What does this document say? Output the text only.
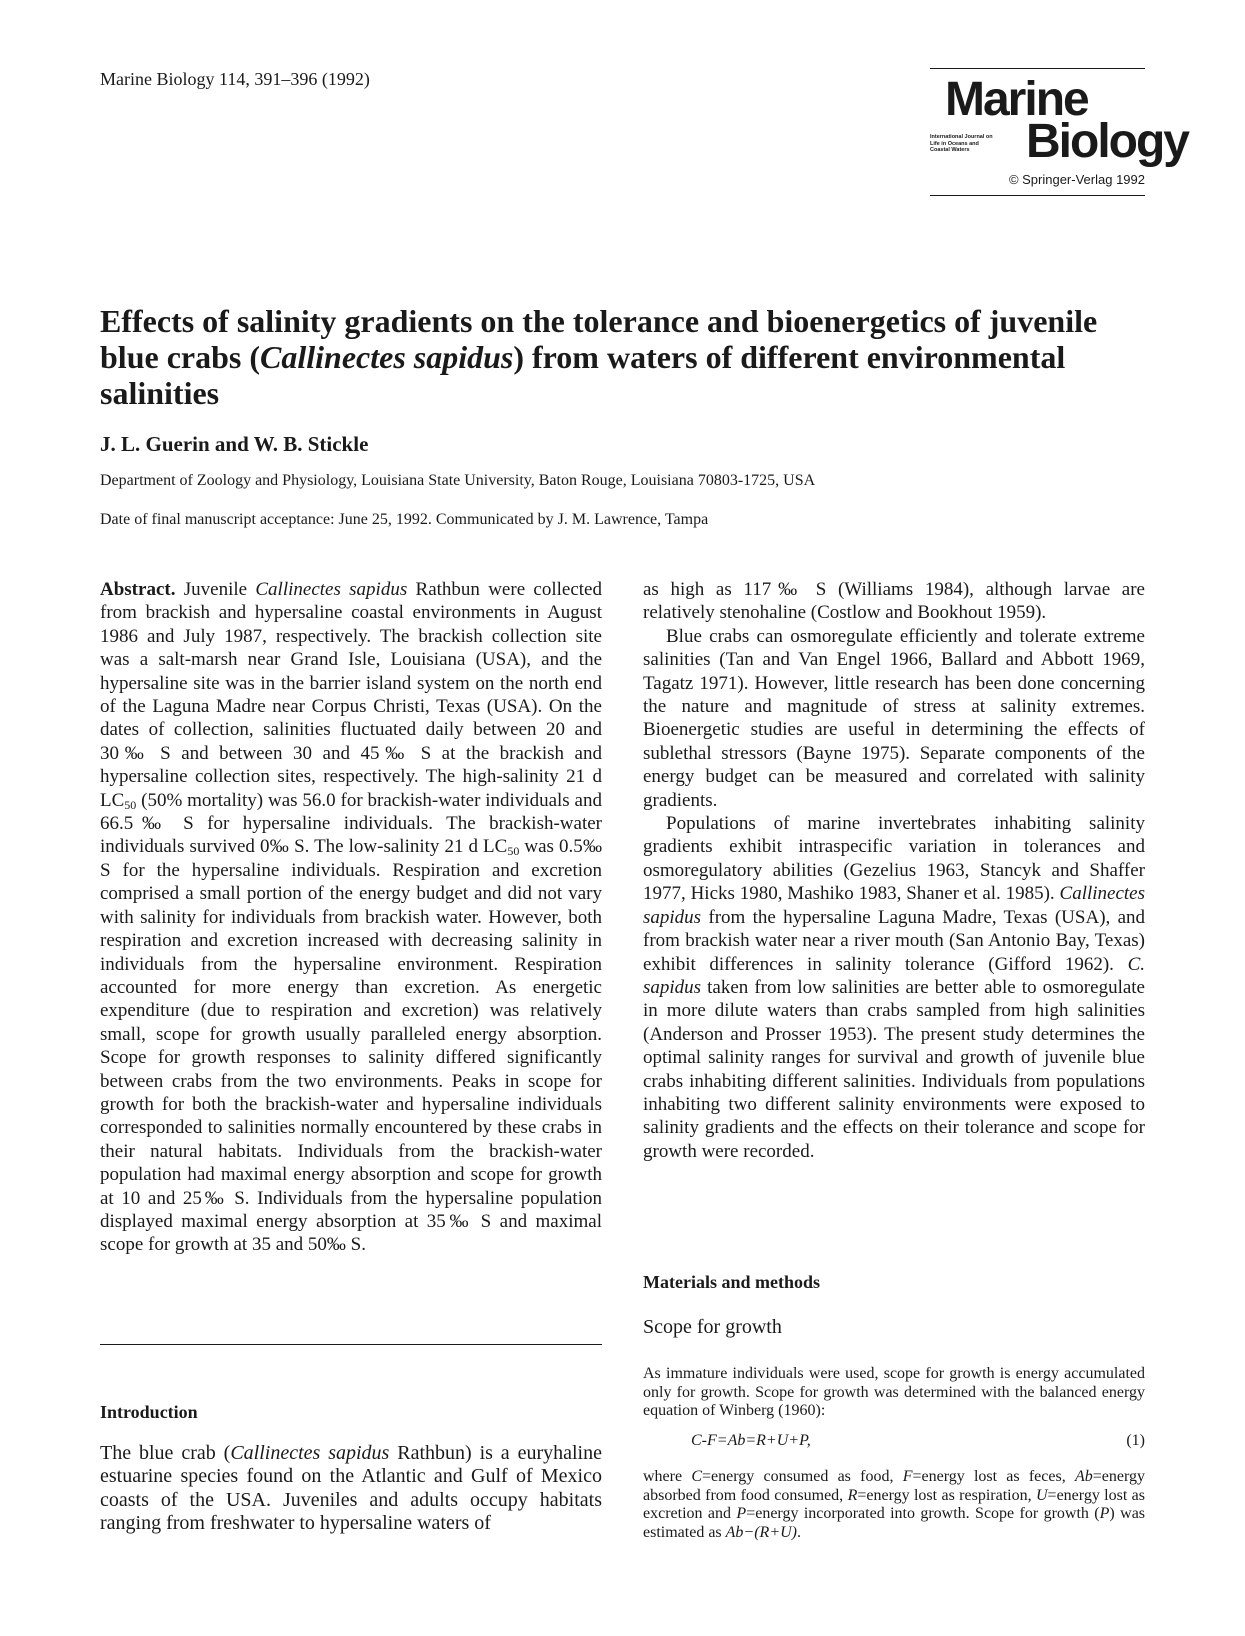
Marine Biology 114, 391–396 (1992)	Marine
International Journal on Life in Oceans and Coastal Waters	Biology
© Springer-Verlag 1992
Effects of salinity gradients on the tolerance and bioenergetics of juvenile blue crabs (Callinectes sapidus) from waters of different environmental salinities
J. L. Guerin and W. B. Stickle
Department of Zoology and Physiology, Louisiana State University, Baton Rouge, Louisiana 70803-1725, USA
Date of final manuscript acceptance: June 25, 1992. Communicated by J. M. Lawrence, Tampa

Abstract. Juvenile Callinectes sapidus Rathbun were collected from brackish and hypersaline coastal environments in August 1986 and July 1987, respectively. The brackish collection site was a salt-marsh near Grand Isle, Louisiana (USA), and the hypersaline site was in the barrier island system on the north end of the Laguna Madre near Corpus Christi, Texas (USA). On the dates of collection, salinities fluctuated daily between 20 and 30‰ S and between 30 and 45‰ S at the brackish and hypersaline collection sites, respectively. The high-salinity 21 d $LC_{50}$ (50% mortality) was 56.0 for brackish-water individuals and 66.5‰ S for hypersaline individuals. The brackish-water individuals survived 0‰ S. The low-salinity 21 d $LC_{50}$ was 0.5‰ S for the hypersaline individuals. Respiration and excretion comprised a small portion of the energy budget and did not vary with salinity for individuals from brackish water. However, both respiration and excretion increased with decreasing salinity in individuals from the hypersaline environment. Respiration accounted for more energy than excretion. As energetic expenditure (due to respiration and excretion) was relatively small, scope for growth usually paralleled energy absorption. Scope for growth responses to salinity differed significantly between crabs from the two environments. Peaks in scope for growth for both the brackish-water and hypersaline individuals corresponded to salinities normally encountered by these crabs in their natural habitats. Individuals from the brackish-water population had maximal energy absorption and scope for growth at 10 and 25‰ S. Individuals from the hypersaline population displayed maximal energy absorption at 35‰ S and maximal scope for growth at 35 and 50‰ S.

Introduction
The blue crab (Callinectes sapidus Rathbun) is a euryhaline estuarine species found on the Atlantic and Gulf of Mexico coasts of the USA. Juveniles and adults occupy habitats ranging from freshwater to hypersaline waters of

as high as 117‰ S (Williams 1984), although larvae are relatively stenohaline (Costlow and Bookhout 1959).

Blue crabs can osmoregulate efficiently and tolerate extreme salinities (Tan and Van Engel 1966, Ballard and Abbott 1969, Tagatz 1971). However, little research has been done concerning the nature and magnitude of stress at salinity extremes. Bioenergetic studies are useful in determining the effects of sublethal stressors (Bayne 1975). Separate components of the energy budget can be measured and correlated with salinity gradients.

Populations of marine invertebrates inhabiting salinity gradients exhibit intraspecific variation in tolerances and osmoregulatory abilities (Gezelius 1963, Stancyk and Shaffer 1977, Hicks 1980, Mashiko 1983, Shaner et al. 1985). Callinectes sapidus from the hypersaline Laguna Madre, Texas (USA), and from brackish water near a river mouth (San Antonio Bay, Texas) exhibit differences in salinity tolerance (Gifford 1962). C. sapidus taken from low salinities are better able to osmoregulate in more dilute waters than crabs sampled from high salinities (Anderson and Prosser 1953). The present study determines the optimal salinity ranges for survival and growth of juvenile blue crabs inhabiting different salinities. Individuals from populations inhabiting two different salinity environments were exposed to salinity gradients and the effects on their tolerance and scope for growth were recorded.

Materials and methods
Scope for growth

As immature individuals were used, scope for growth is energy accumulated only for growth. Scope for growth was determined with the balanced energy equation of Winberg (1960):

C-F=Ab=R+U+P,	(1)

where C=energy consumed as food, F=energy lost as feces, Ab=energy absorbed from food consumed, R=energy lost as respiration, U=energy lost as excretion and P=energy incorporated into growth. Scope for growth (P) was estimated as Ab−(R+U).
